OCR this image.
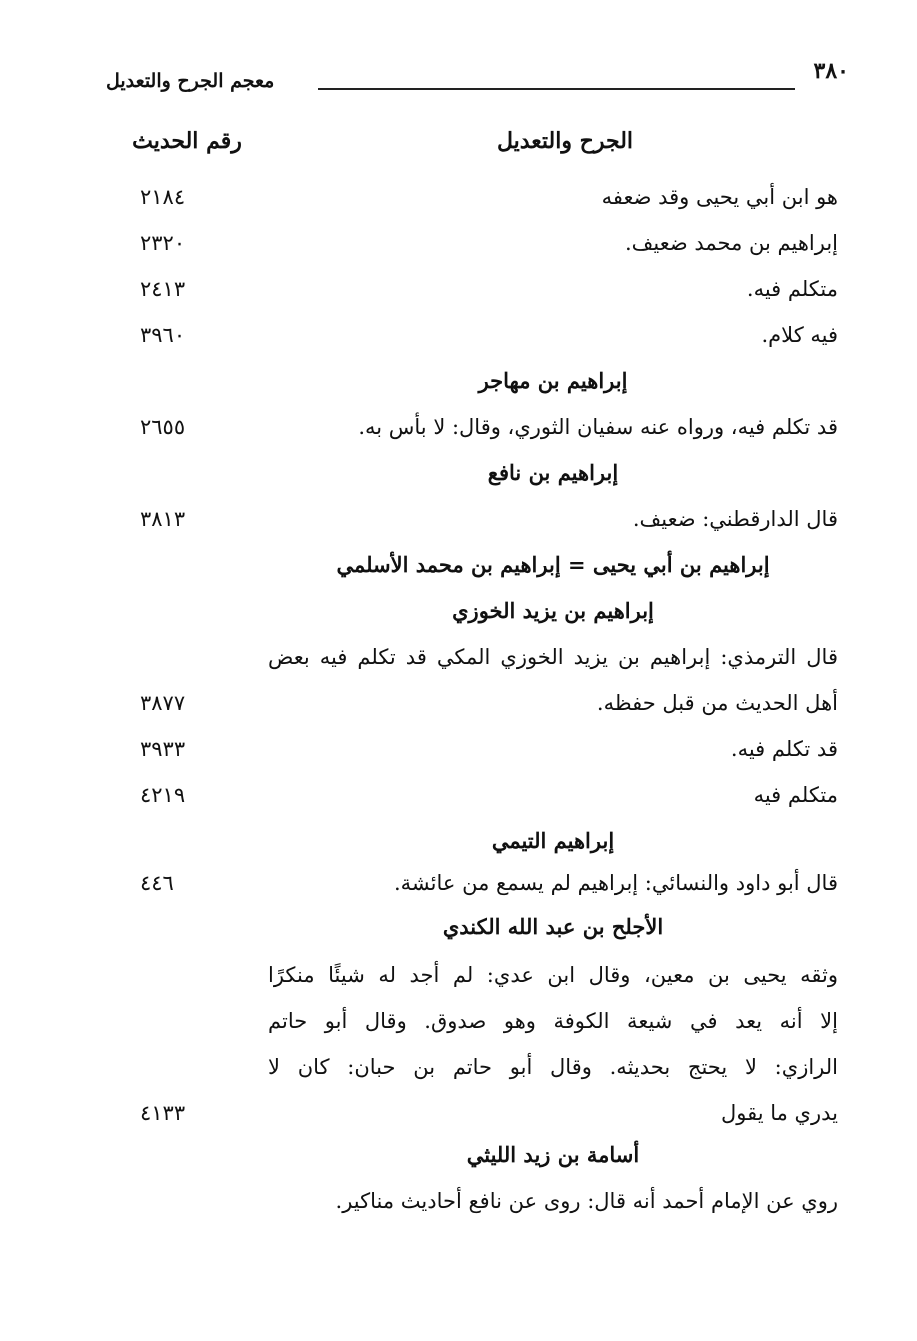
٣٨٠
معجم الجرح والتعديل
الجرح والتعديل
رقم الحديث
هو ابن أبي يحيى وقد ضعفه
٢١٨٤
إبراهيم بن محمد ضعيف.
٢٣٢٠
متكلم فيه.
٢٤١٣
فيه كلام.
٣٩٦٠
إبراهيم بن مهاجر
قد تكلم فيه، ورواه عنه سفيان الثوري، وقال: لا بأس به.
٢٦٥٥
إبراهيم بن نافع
قال الدارقطني: ضعيف.
٣٨١٣
إبراهيم بن أبي يحيى = إبراهيم بن محمد الأسلمي
إبراهيم بن يزيد الخوزي
قال الترمذي: إبراهيم بن يزيد الخوزي المكي قد تكلم فيه بعض
أهل الحديث من قبل حفظه.
٣٨٧٧
قد تكلم فيه.
٣٩٣٣
متكلم فيه
٤٢١٩
إبراهيم التيمي
قال أبو داود والنسائي: إبراهيم لم يسمع من عائشة.
٤٤٦
الأجلح بن عبد الله الكندي
وثقه يحيى بن معين، وقال ابن عدي: لم أجد له شيئًا منكرًا
إلا أنه يعد في شيعة الكوفة وهو صدوق. وقال أبو حاتم
الرازي: لا يحتج بحديثه. وقال أبو حاتم بن حبان: كان لا
يدري ما يقول
٤١٣٣
أسامة بن زيد الليثي
روي عن الإمام أحمد أنه قال: روى عن نافع أحاديث مناكير.
